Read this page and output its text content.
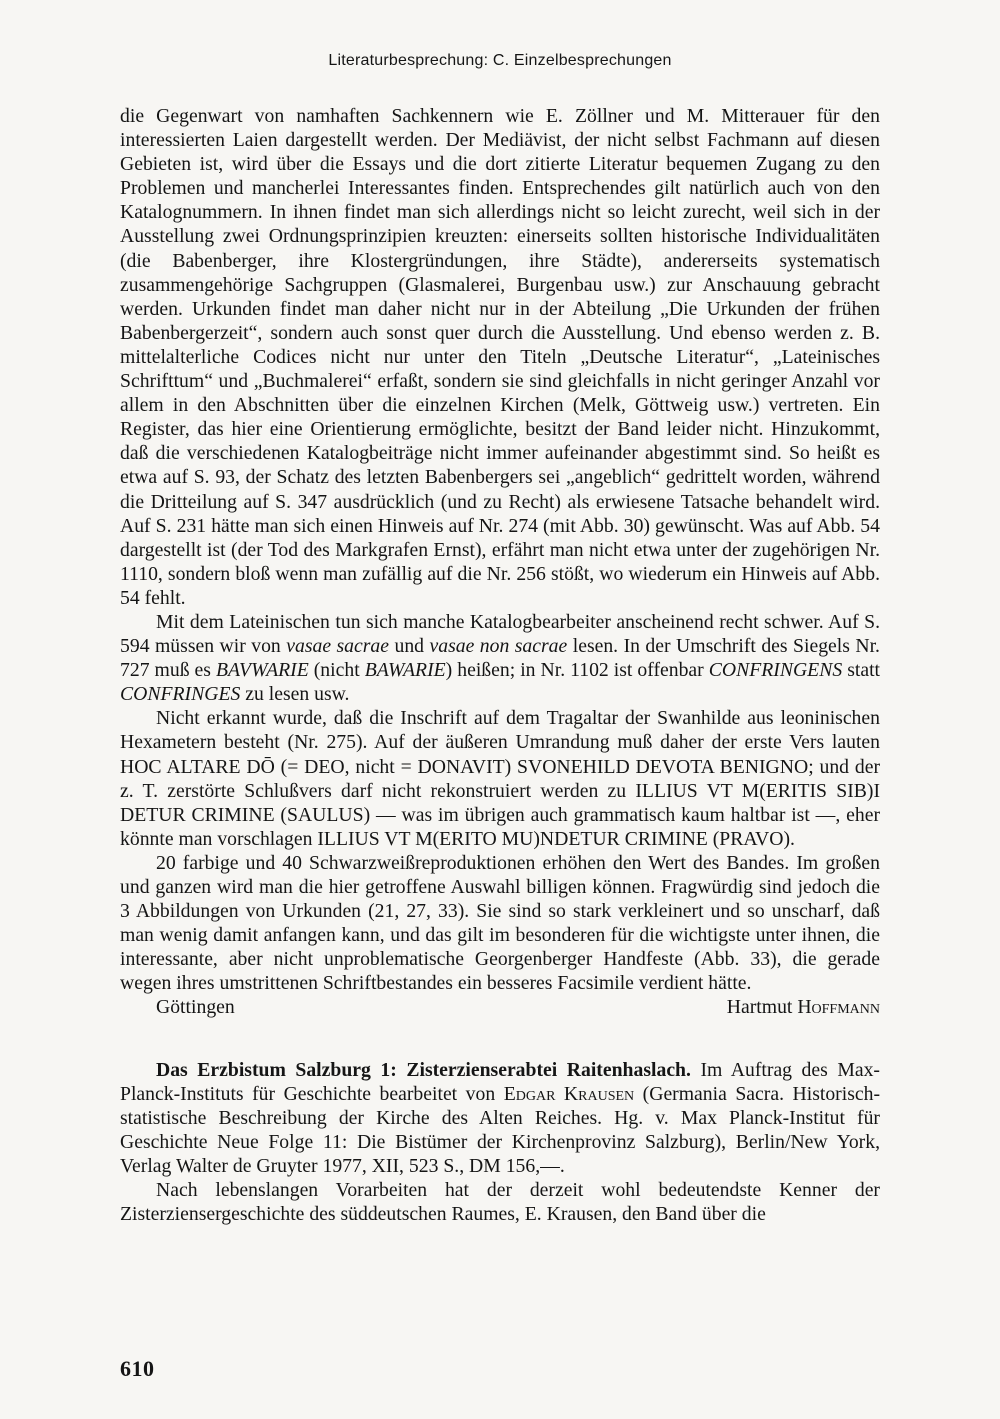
Literaturbesprechung: C. Einzelbesprechungen

die Gegenwart von namhaften Sachkennern wie E. Zöllner und M. Mitterauer für den interessierten Laien dargestellt werden. Der Mediävist, der nicht selbst Fachmann auf diesen Gebieten ist, wird über die Essays und die dort zitierte Literatur bequemen Zugang zu den Problemen und mancherlei Interessantes finden. Entsprechendes gilt natürlich auch von den Katalognummern. In ihnen findet man sich allerdings nicht so leicht zurecht, weil sich in der Ausstellung zwei Ordnungsprinzipien kreuzten: einerseits sollten historische Individualitäten (die Babenberger, ihre Klostergründungen, ihre Städte), andererseits systematisch zusammengehörige Sachgruppen (Glasmalerei, Burgenbau usw.) zur Anschauung gebracht werden. Urkunden findet man daher nicht nur in der Abteilung „Die Urkunden der frühen Babenbergerzeit“, sondern auch sonst quer durch die Ausstellung. Und ebenso werden z. B. mittelalterliche Codices nicht nur unter den Titeln „Deutsche Literatur“, „Lateinisches Schrifttum“ und „Buchmalerei“ erfaßt, sondern sie sind gleichfalls in nicht geringer Anzahl vor allem in den Abschnitten über die einzelnen Kirchen (Melk, Göttweig usw.) vertreten. Ein Register, das hier eine Orientierung ermöglichte, besitzt der Band leider nicht. Hinzukommt, daß die verschiedenen Katalogbeiträge nicht immer aufeinander abgestimmt sind. So heißt es etwa auf S. 93, der Schatz des letzten Babenbergers sei „angeblich“ gedrittelt worden, während die Dritteilung auf S. 347 ausdrücklich (und zu Recht) als erwiesene Tatsache behandelt wird. Auf S. 231 hätte man sich einen Hinweis auf Nr. 274 (mit Abb. 30) gewünscht. Was auf Abb. 54 dargestellt ist (der Tod des Markgrafen Ernst), erfährt man nicht etwa unter der zugehörigen Nr. 1110, sondern bloß wenn man zufällig auf die Nr. 256 stößt, wo wiederum ein Hinweis auf Abb. 54 fehlt.

Mit dem Lateinischen tun sich manche Katalogbearbeiter anscheinend recht schwer. Auf S. 594 müssen wir von vasae sacrae und vasae non sacrae lesen. In der Umschrift des Siegels Nr. 727 muß es BAVWARIE (nicht BAWARIE) heißen; in Nr. 1102 ist offenbar CONFRINGENS statt CONFRINGES zu lesen usw.

Nicht erkannt wurde, daß die Inschrift auf dem Tragaltar der Swanhilde aus leoninischen Hexametern besteht (Nr. 275). Auf der äußeren Umrandung muß daher der erste Vers lauten HOC ALTARE DŌ (= DEO, nicht = DONAVIT) SVONEHILD DEVOTA BENIGNO; und der z. T. zerstörte Schlußvers darf nicht rekonstruiert werden zu ILLIUS VT M(ERITIS SIB)I DETUR CRIMINE (SAULUS) — was im übrigen auch grammatisch kaum haltbar ist —, eher könnte man vorschlagen ILLIUS VT M(ERITO MU)NDETUR CRIMINE (PRAVO).

20 farbige und 40 Schwarzweißreproduktionen erhöhen den Wert des Bandes. Im großen und ganzen wird man die hier getroffene Auswahl billigen können. Fragwürdig sind jedoch die 3 Abbildungen von Urkunden (21, 27, 33). Sie sind so stark verkleinert und so unscharf, daß man wenig damit anfangen kann, und das gilt im besonderen für die wichtigste unter ihnen, die interessante, aber nicht unproblematische Georgenberger Handfeste (Abb. 33), die gerade wegen ihres umstrittenen Schriftbestandes ein besseres Facsimile verdient hätte.

Göttingen	Hartmut Hoffmann

Das Erzbistum Salzburg 1: Zisterzienserabtei Raitenhaslach. Im Auftrag des Max-Planck-Instituts für Geschichte bearbeitet von Edgar Krausen (Germania Sacra. Historisch-statistische Beschreibung der Kirche des Alten Reiches. Hg. v. Max Planck-Institut für Geschichte Neue Folge 11: Die Bistümer der Kirchenprovinz Salzburg), Berlin/New York, Verlag Walter de Gruyter 1977, XII, 523 S., DM 156,—.

Nach lebenslangen Vorarbeiten hat der derzeit wohl bedeutendste Kenner der Zisterziensergeschichte des süddeutschen Raumes, E. Krausen, den Band über die

610
